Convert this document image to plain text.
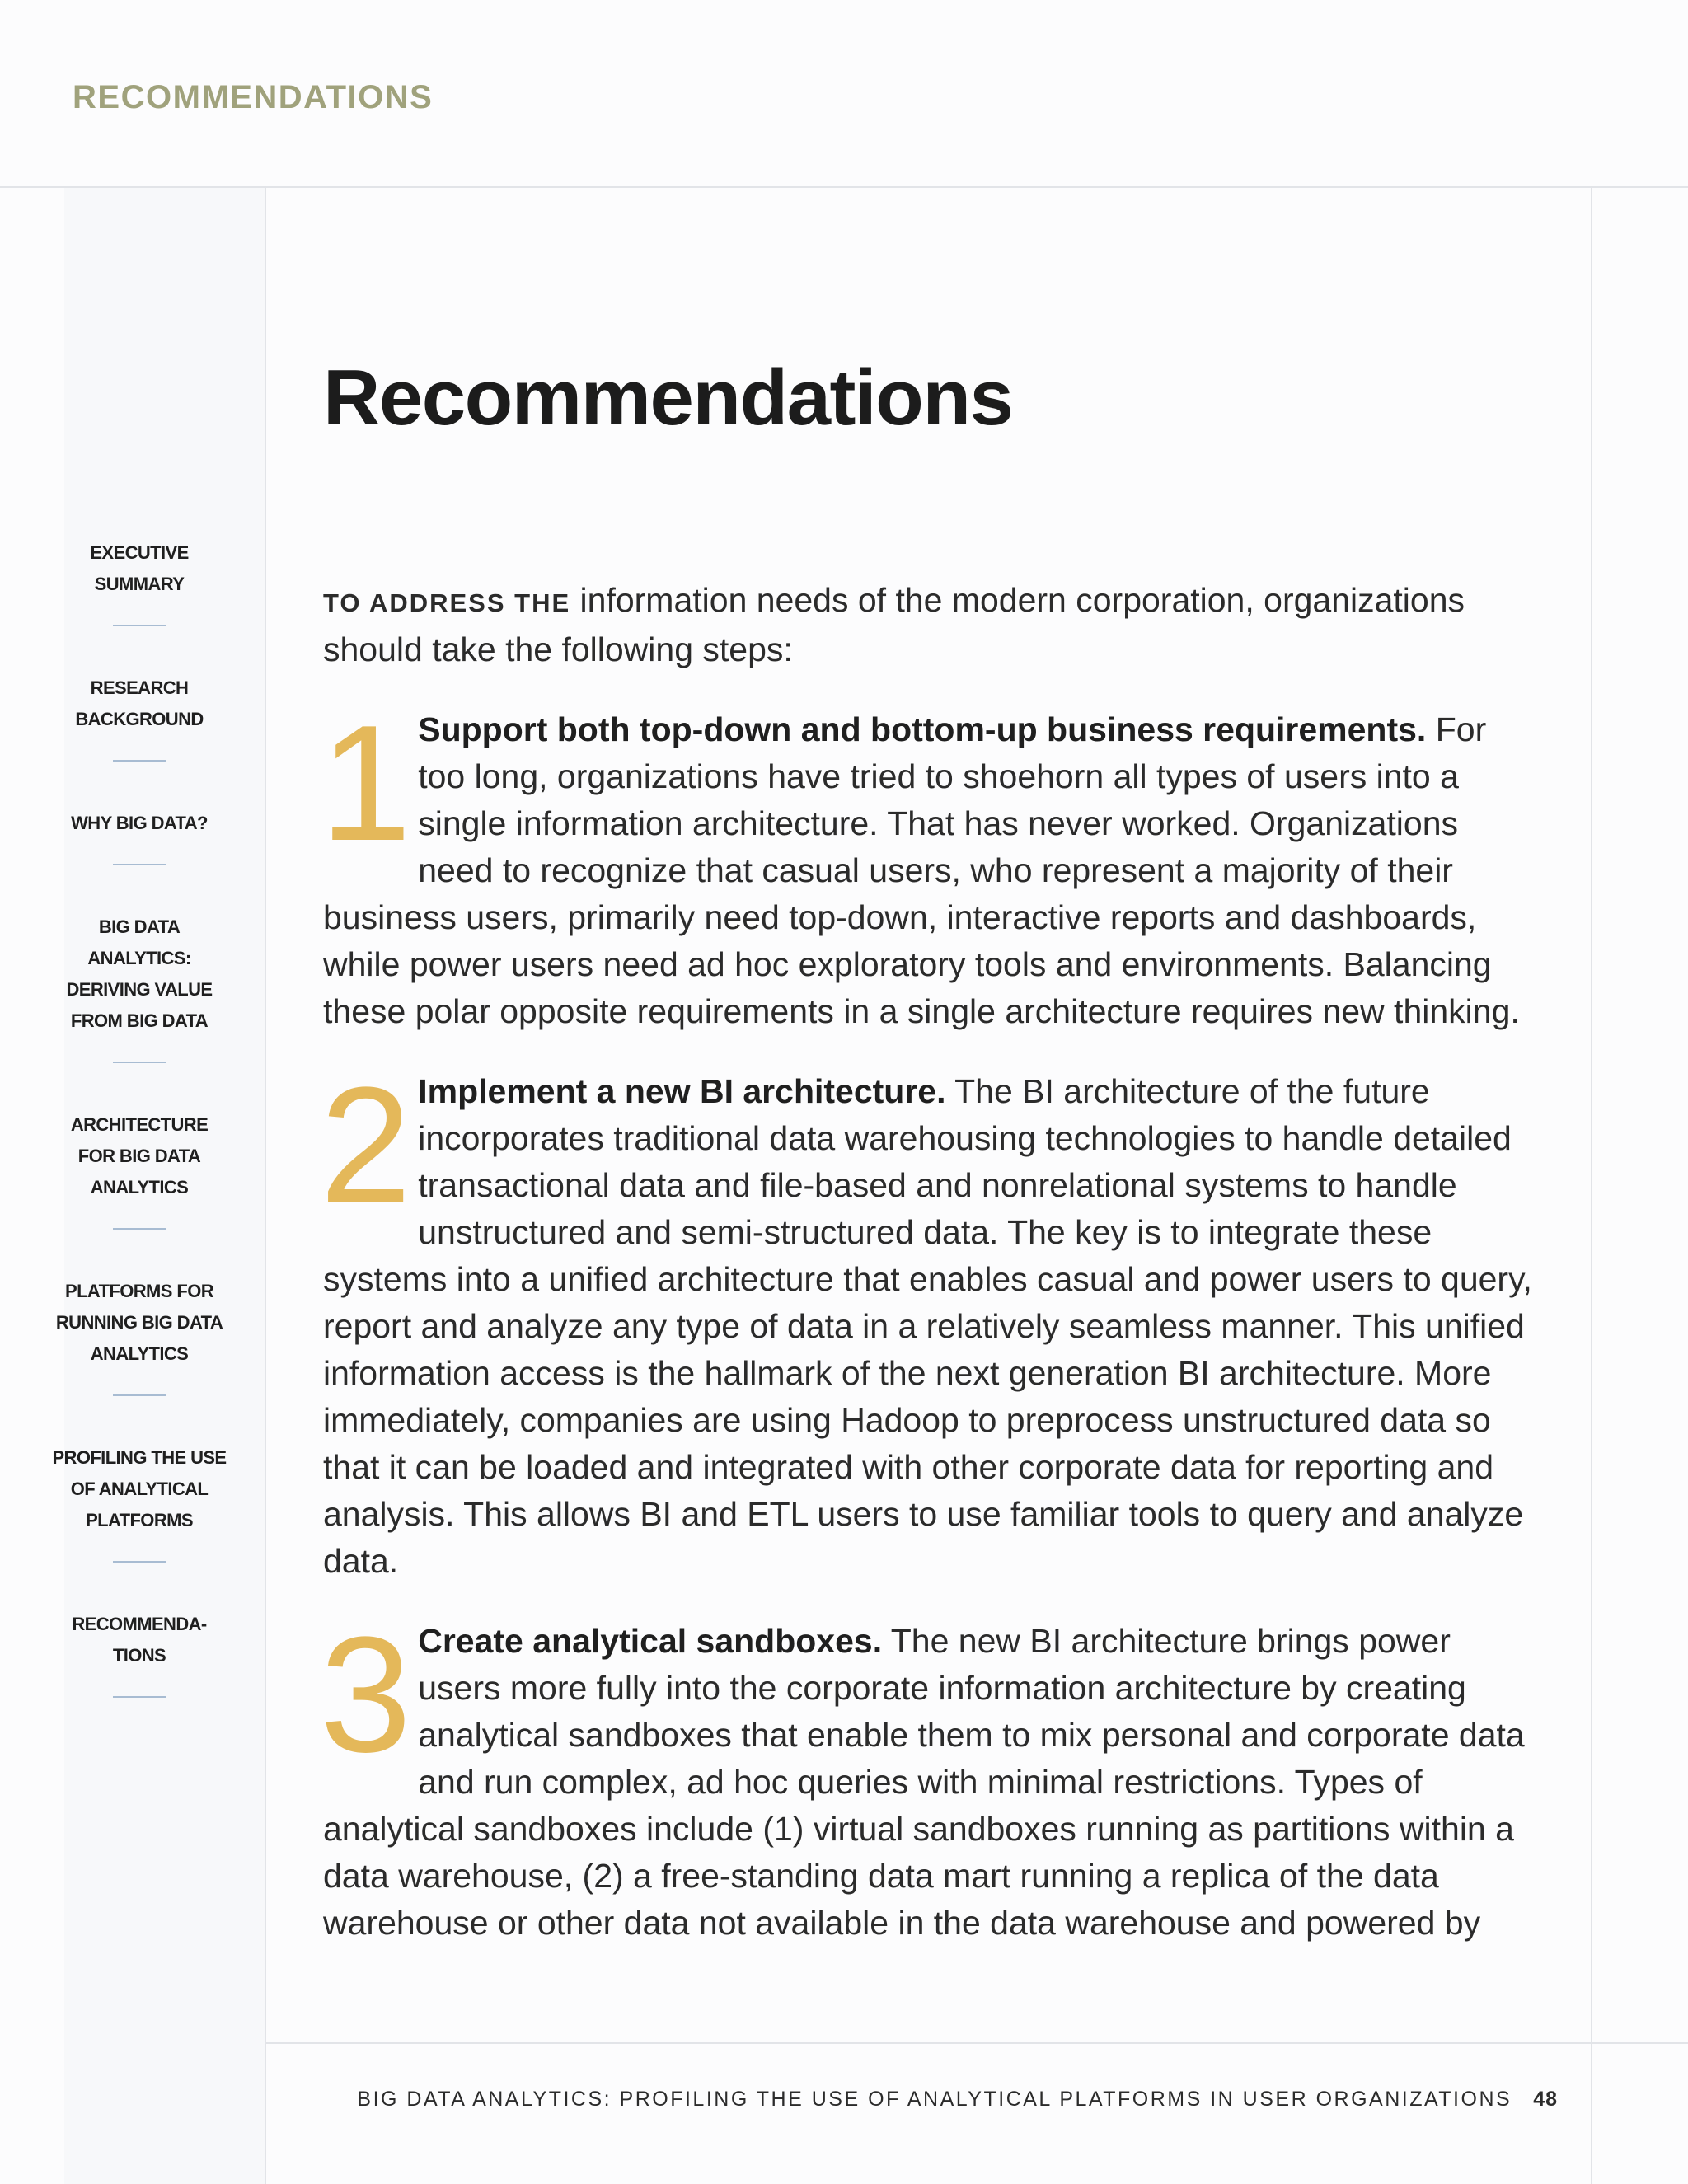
RECOMMENDATIONS
EXECUTIVE
SUMMARY
RESEARCH
BACKGROUND
WHY BIG DATA?
BIG DATA
ANALYTICS:
DERIVING VALUE
FROM BIG DATA
ARCHITECTURE
FOR BIG DATA
ANALYTICS
PLATFORMS FOR
RUNNING BIG DATA
ANALYTICS
PROFILING THE USE
OF ANALYTICAL
PLATFORMS
RECOMMENDA-
TIONS
Recommendations

TO ADDRESS THE information needs of the modern corporation, organizations should take the following steps:

1 Support both top-down and bottom-up business requirements. For too long, organizations have tried to shoehorn all types of users into a single information architecture. That has never worked. Organizations need to recognize that casual users, who represent a majority of their business users, primarily need top-down, interactive reports and dashboards, while power users need ad hoc exploratory tools and environments. Balancing these polar opposite requirements in a single architecture requires new thinking.

2 Implement a new BI architecture. The BI architecture of the future incorporates traditional data warehousing technologies to handle detailed transactional data and file-based and nonrelational systems to handle unstructured and semi-structured data. The key is to integrate these systems into a unified architecture that enables casual and power users to query, report and analyze any type of data in a relatively seamless manner. This unified information access is the hallmark of the next generation BI architecture. More immediately, companies are using Hadoop to preprocess unstructured data so that it can be loaded and integrated with other corporate data for reporting and analysis. This allows BI and ETL users to use familiar tools to query and analyze data.

3 Create analytical sandboxes. The new BI architecture brings power users more fully into the corporate information architecture by creating analytical sandboxes that enable them to mix personal and corporate data and run complex, ad hoc queries with minimal restrictions. Types of analytical sandboxes include (1) virtual sandboxes running as partitions within a data warehouse, (2) a free-standing data mart running a replica of the data warehouse or other data not available in the data warehouse and powered by

BIG DATA ANALYTICS: PROFILING THE USE OF ANALYTICAL PLATFORMS IN USER ORGANIZATIONS 48
